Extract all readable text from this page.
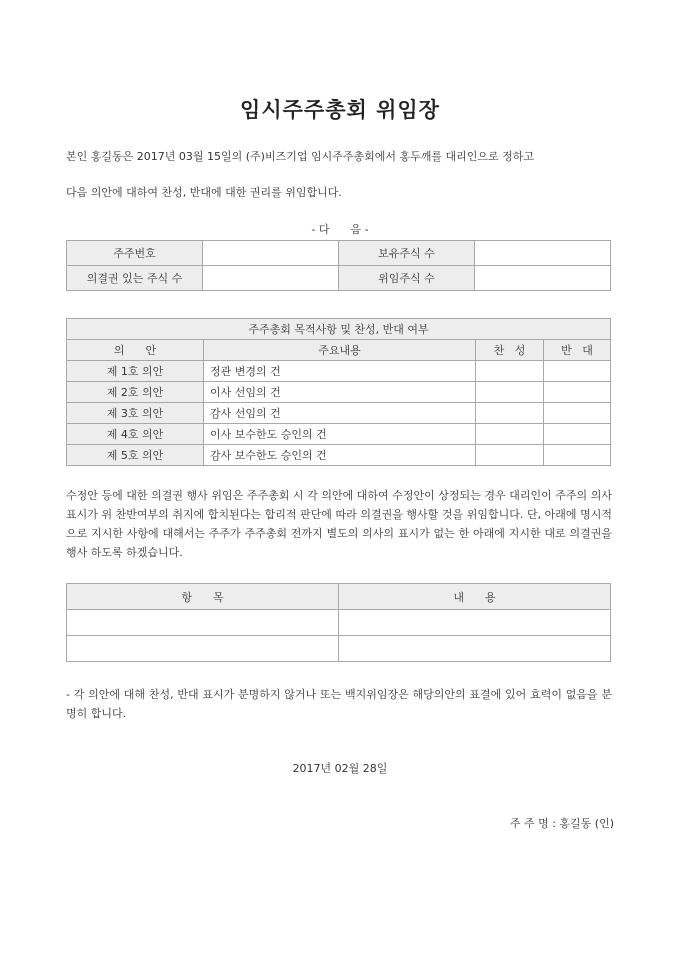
임시주주총회 위임장
본인 홍길동은 2017년 03월 15일의 (주)비즈기업 임시주주총회에서 홍두깨를 대리인으로 정하고
다음 의안에 대하여 찬성, 반대에 대한 권리를 위임합니다.
- 다      음 -
주주번호		보유주식 수	
의결권 있는 주식 수		위임주식 수	
주주총회 목적사항 및 찬성, 반대 여부			
의      안	주요내용	찬   성	반   대
제 1호 의안	정관 변경의 건		
제 2호 의안	이사 선임의 건		
제 3호 의안	감사 선임의 건		
제 4호 의안	이사 보수한도 승인의 건		
제 5호 의안	감사 보수한도 승인의 건		
수정안 등에 대한 의결권 행사 위임은 주주총회 시 각 의안에 대하여 수정안이 상정되는 경우 대리인이 주주의 의사 표시가 위 찬반여부의 취지에 합치된다는 합리적 판단에 따라 의결권을 행사할 것을 위임합니다. 단, 아래에 명시적으로 지시한 사항에 대해서는 주주가 주주총회 전까지 별도의 의사의 표시가 없는 한 아래에 지시한 대로 의결권을 행사 하도록 하겠습니다.
항      목	내      용

- 각 의안에 대해 찬성, 반대 표시가 분명하지 않거나 또는 백지위임장은 해당의안의 표결에 있어 효력이 없음을 분명히 합니다.
2017년 02월 28일
주 주 명 : 홍길동 (인)
